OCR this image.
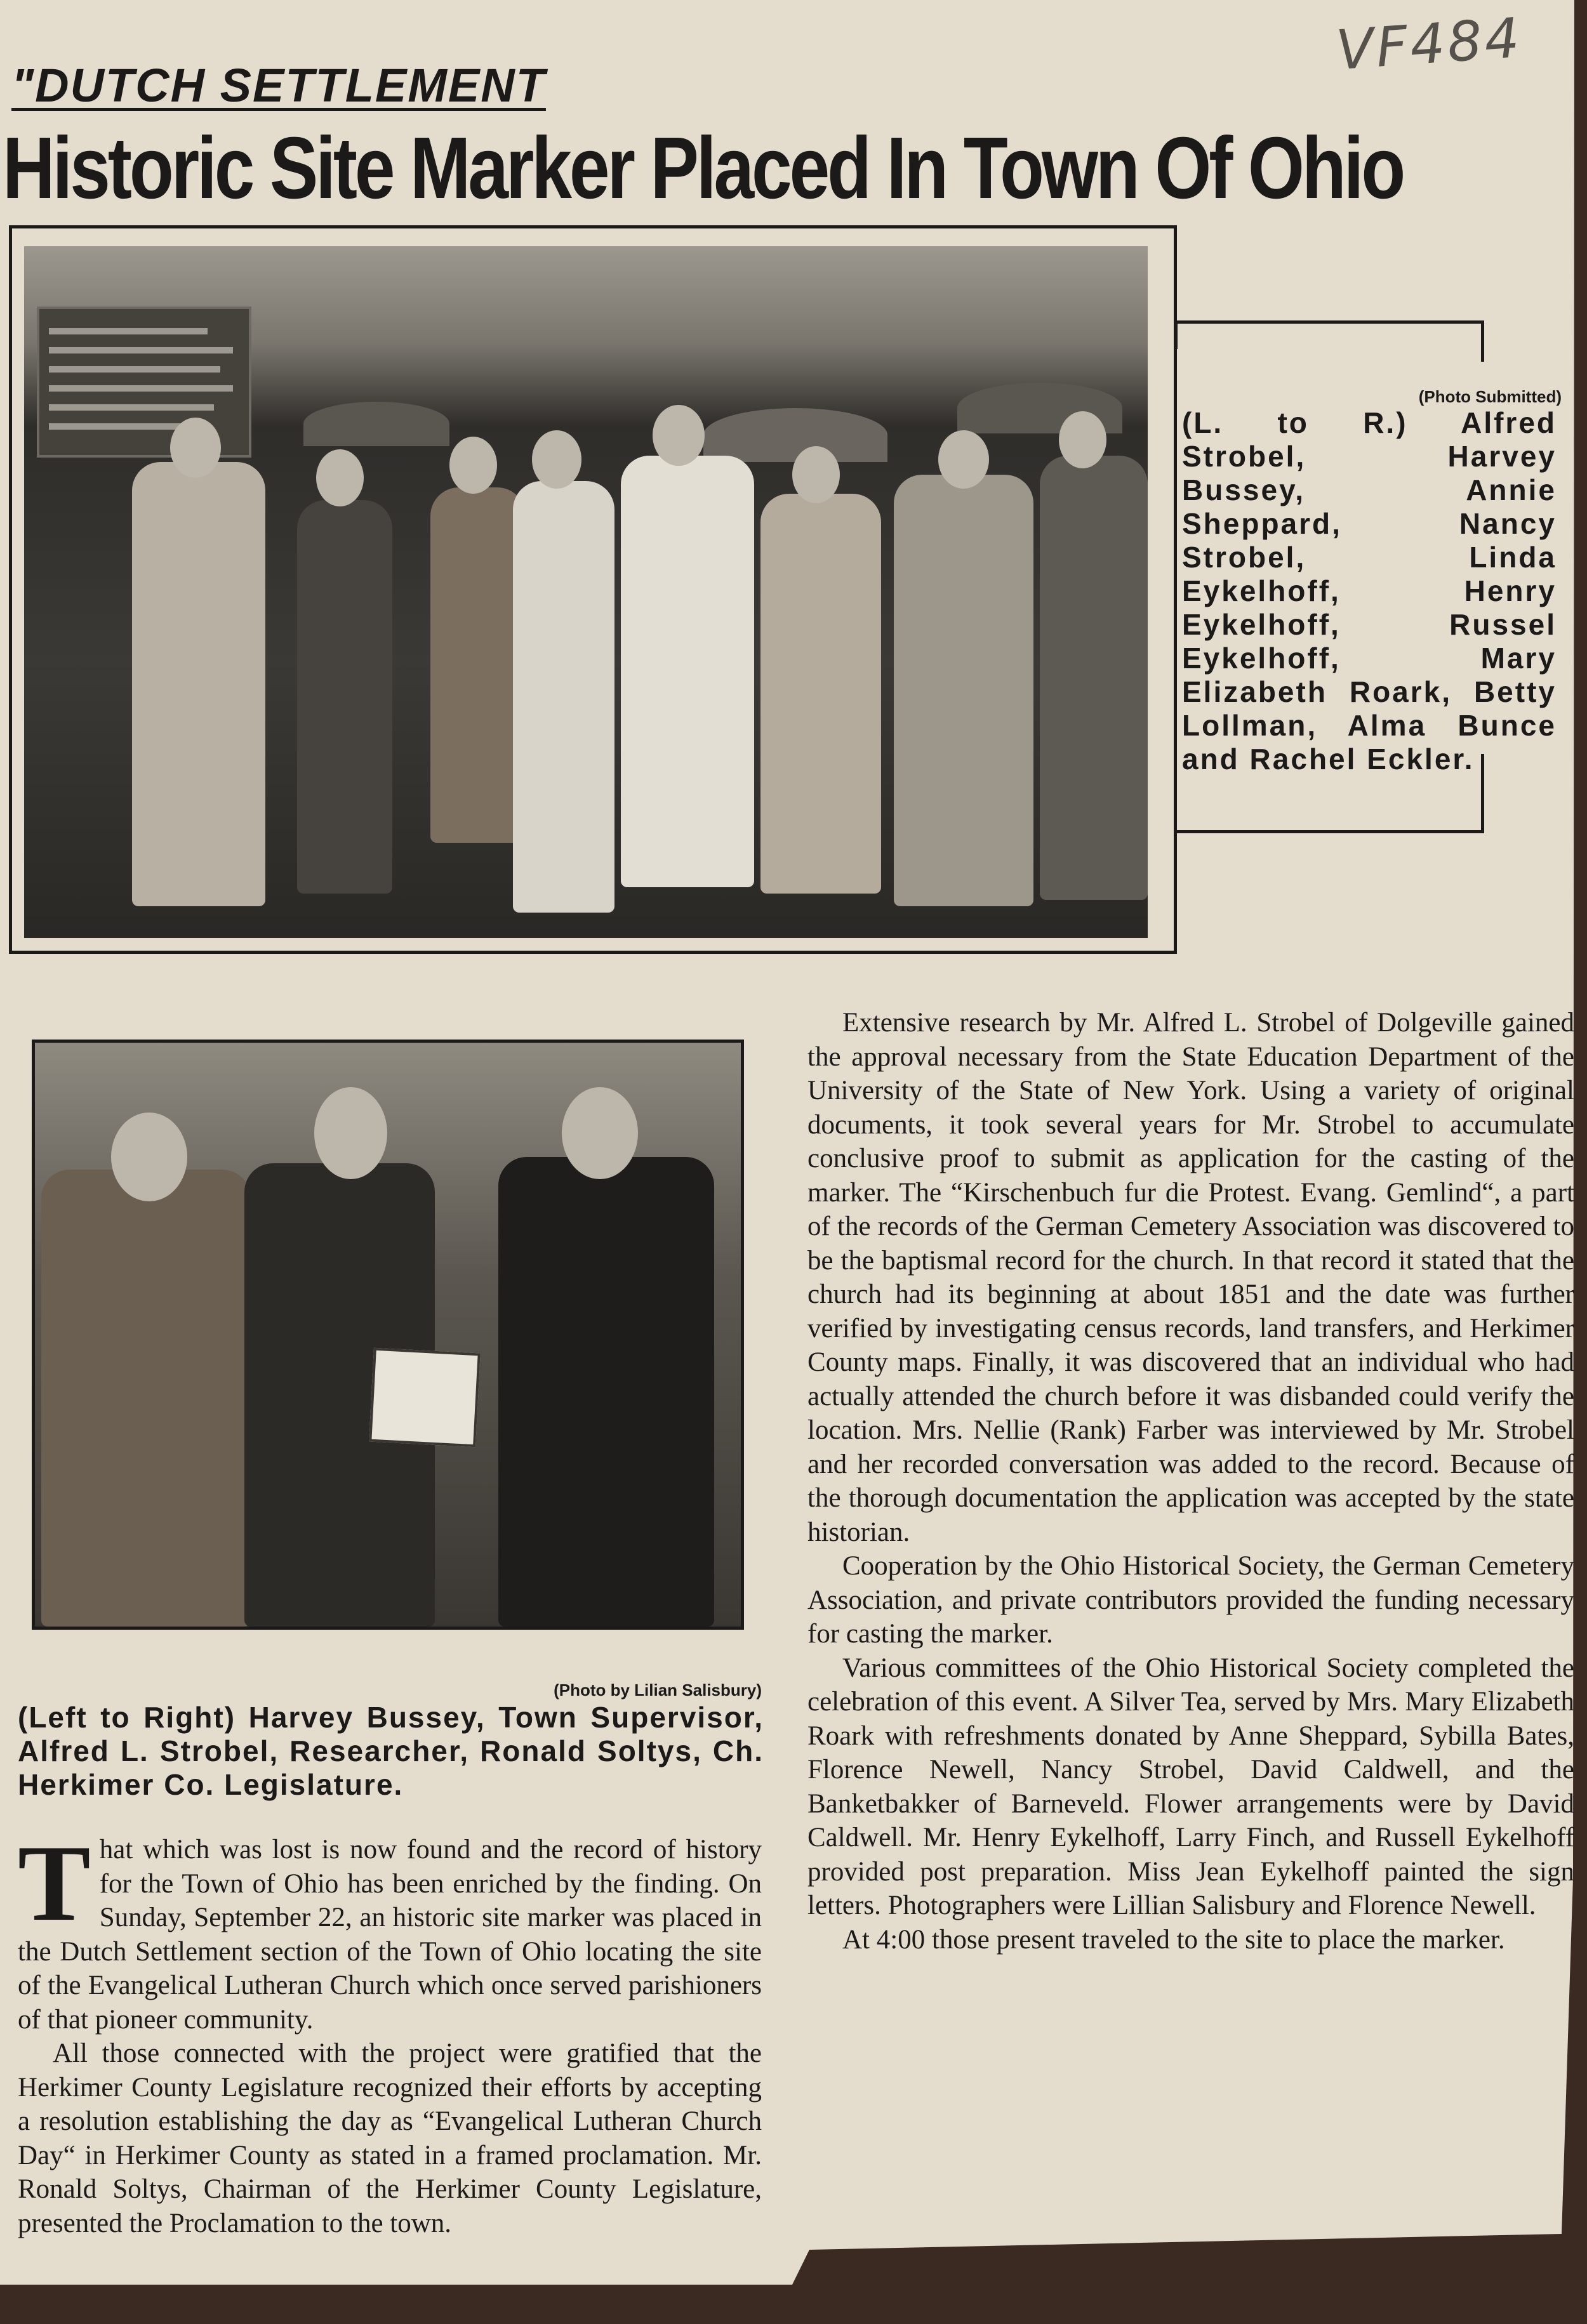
VF484
"DUTCH SETTLEMENT
Historic Site Marker Placed In Town Of Ohio
(Photo Submitted)
(L. to R.) Alfred Strobel, Harvey Bussey, Annie Sheppard, Nancy Strobel, Linda Eykelhoff, Henry Eykelhoff, Russel Eykelhoff, Mary Elizabeth Roark, Betty Lollman, Alma Bunce and Rachel Eckler.
(Photo by Lilian Salisbury)
(Left to Right) Harvey Bussey, Town Supervisor, Alfred L. Strobel, Researcher, Ronald Soltys, Ch. Herkimer Co. Legislature.

That which was lost is now found and the record of history for the Town of Ohio has been enriched by the finding. On Sunday, September 22, an historic site marker was placed in the Dutch Settlement section of the Town of Ohio locating the site of the Evangelical Lutheran Church which once served parishioners of that pioneer community.

All those connected with the project were gratified that the Herkimer County Legislature recognized their efforts by accepting a resolution establishing the day as “Evangelical Lutheran Church Day“ in Herkimer County as stated in a framed proclamation. Mr. Ronald Soltys, Chairman of the Herkimer County Legislature, presented the Proclamation to the town.

Extensive research by Mr. Alfred L. Strobel of Dolgeville gained the approval necessary from the State Education Department of the University of the State of New York. Using a variety of original documents, it took several years for Mr. Strobel to accumulate conclusive proof to submit as application for the casting of the marker. The “Kirschenbuch fur die Protest. Evang. Gemlind“, a part of the records of the German Cemetery Association was discovered to be the baptismal record for the church. In that record it stated that the church had its beginning at about 1851 and the date was further verified by investigating census records, land transfers, and Herkimer County maps. Finally, it was discovered that an individual who had actually attended the church before it was disbanded could verify the location. Mrs. Nellie (Rank) Farber was interviewed by Mr. Strobel and her recorded conversation was added to the record. Because of the thorough documentation the application was accepted by the state historian.

Cooperation by the Ohio Historical Society, the German Cemetery Association, and private contributors provided the funding necessary for casting the marker.

Various committees of the Ohio Historical Society completed the celebration of this event. A Silver Tea, served by Mrs. Mary Elizabeth Roark with refreshments donated by Anne Sheppard, Sybilla Bates, Florence Newell, Nancy Strobel, David Caldwell, and the Banketbakker of Barneveld. Flower arrangements were by David Caldwell. Mr. Henry Eykelhoff, Larry Finch, and Russell Eykelhoff provided post preparation. Miss Jean Eykelhoff painted the sign letters. Photographers were Lillian Salisbury and Florence Newell.

At 4:00 those present traveled to the site to place the marker.
